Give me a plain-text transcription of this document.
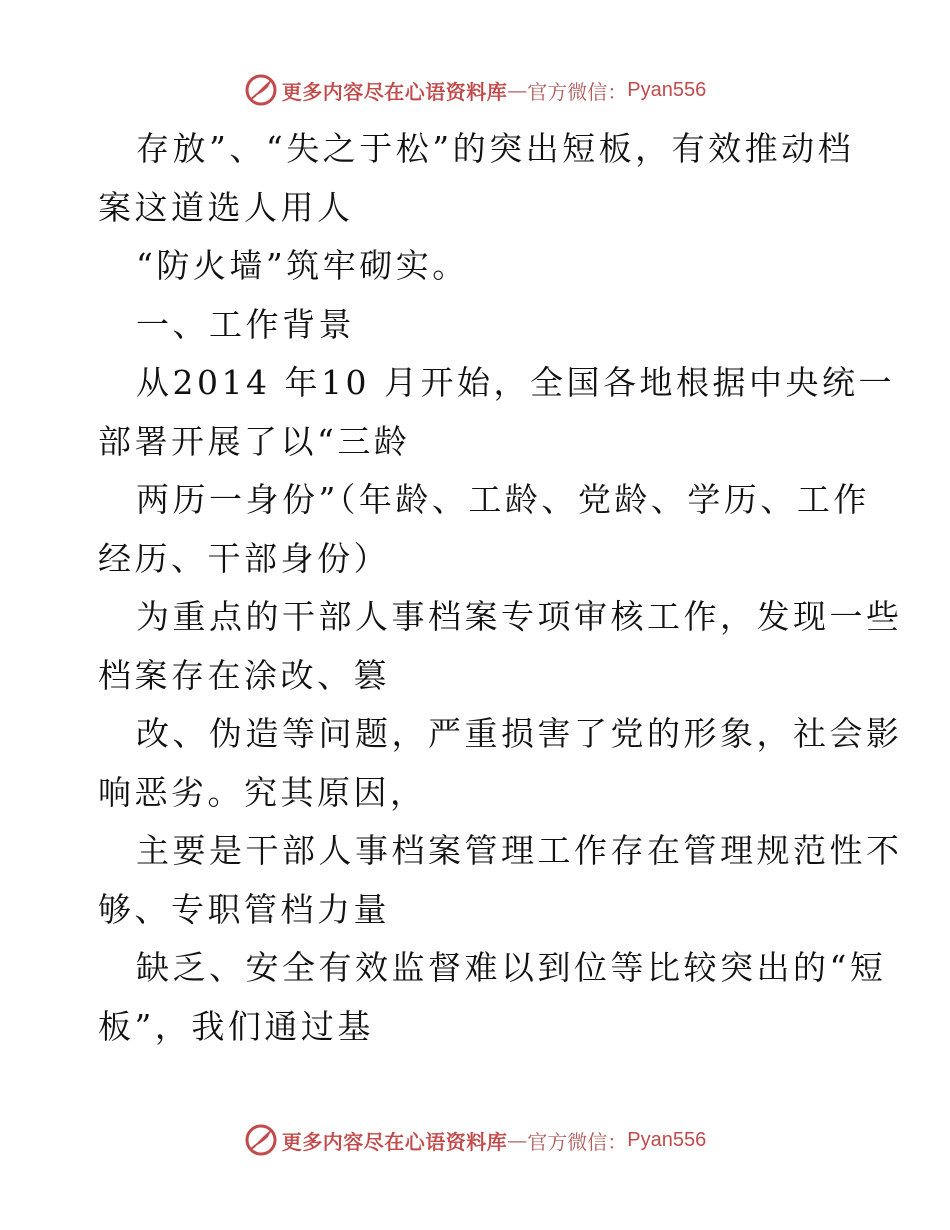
更多内容尽在心语资料库 — 官方微信： Pyan556
存放”、“失之于松”的突出短板，有效推动档
案这道选人用人
“防火墙”筑牢砌实。
一、工作背景
从2014 年10 月开始，全国各地根据中央统一
部署开展了以“三龄
两历一身份”（年龄、工龄、党龄、学历、工作
经历、干部身份）
为重点的干部人事档案专项审核工作，发现一些
档案存在涂改、篡
改、伪造等问题，严重损害了党的形象，社会影
响恶劣。究其原因，
主要是干部人事档案管理工作存在管理规范性不
够、专职管档力量
缺乏、安全有效监督难以到位等比较突出的“短
板”，我们通过基
更多内容尽在心语资料库 — 官方微信： Pyan556
